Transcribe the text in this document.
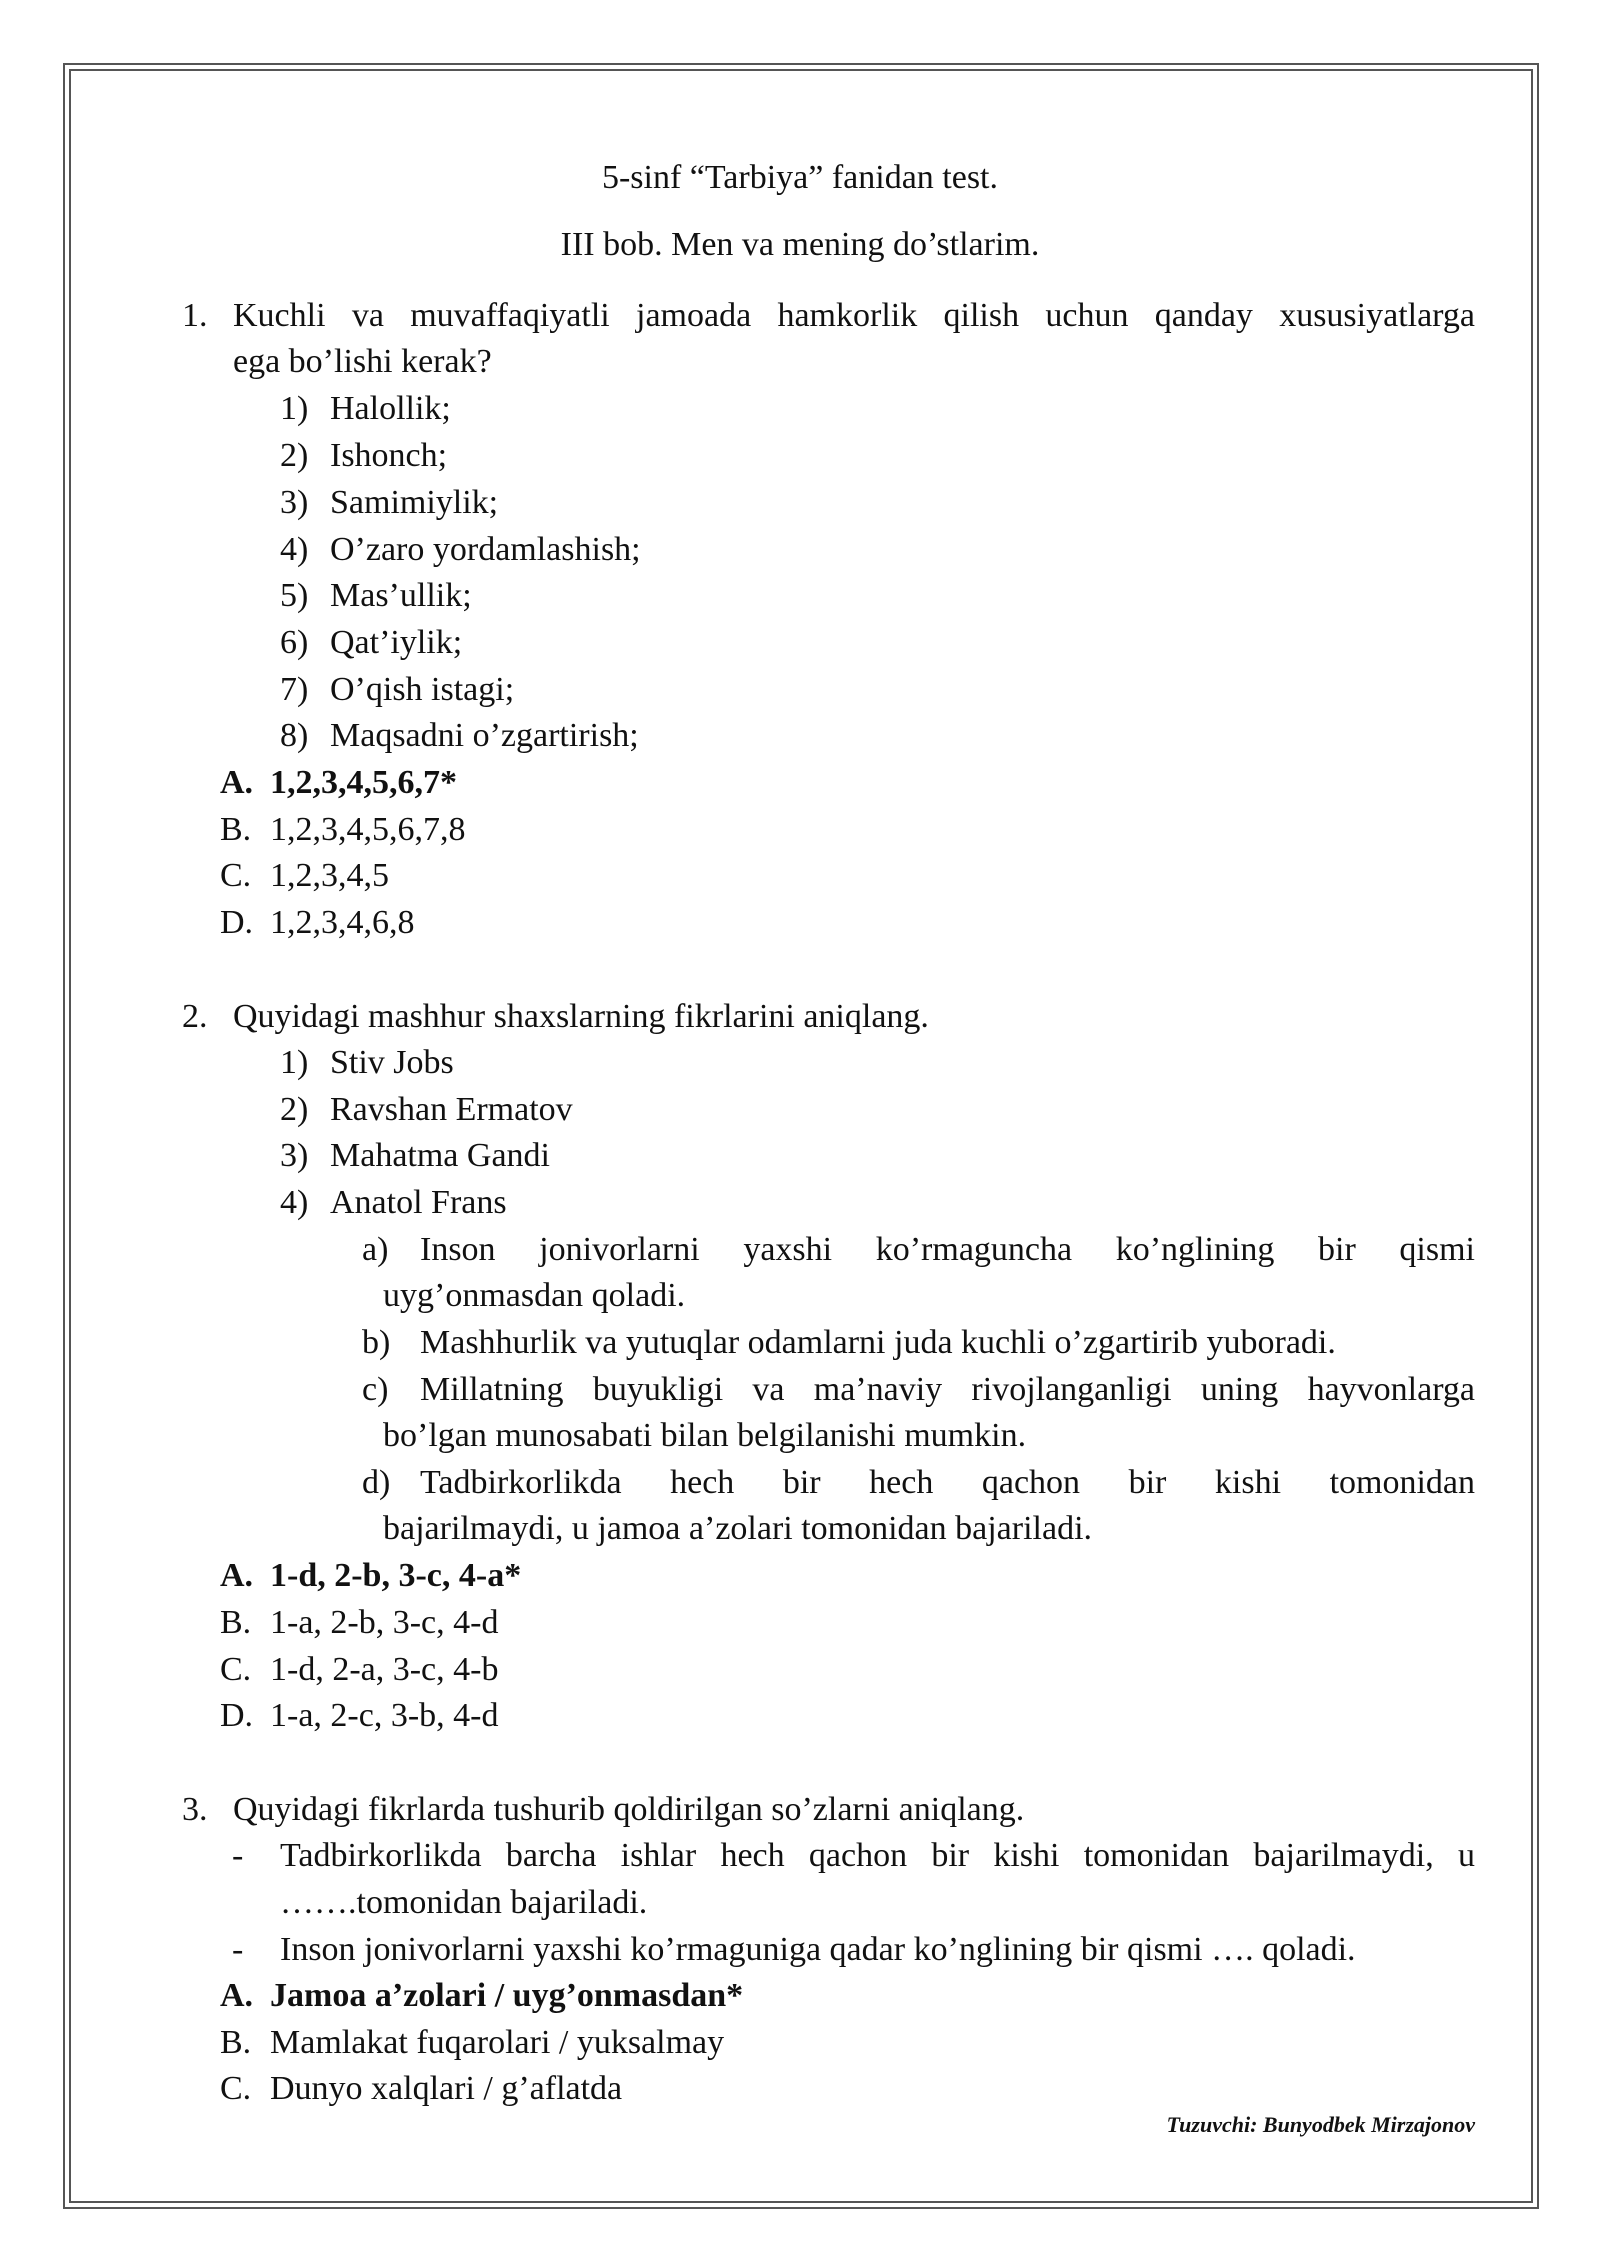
5-sinf “Tarbiya” fanidan test.
III bob. Men va mening do’stlarim.
1. Kuchli va muvaffaqiyatli jamoada hamkorlik qilish uchun qanday xususiyatlarga
ega bo’lishi kerak?
1) Halollik;
2) Ishonch;
3) Samimiylik;
4) O’zaro yordamlashish;
5) Mas’ullik;
6) Qat’iylik;
7) O’qish istagi;
8) Maqsadni o’zgartirish;
A. 1,2,3,4,5,6,7*
B. 1,2,3,4,5,6,7,8
C. 1,2,3,4,5
D. 1,2,3,4,6,8
2. Quyidagi mashhur shaxslarning fikrlarini aniqlang.
1) Stiv Jobs
2) Ravshan Ermatov
3) Mahatma Gandi
4) Anatol Frans
a) Inson jonivorlarni yaxshi ko’rmaguncha ko’nglining bir qismi
uyg’onmasdan qoladi.
b) Mashhurlik va yutuqlar odamlarni juda kuchli o’zgartirib yuboradi.
c) Millatning buyukligi va ma’naviy rivojlanganligi uning hayvonlarga
bo’lgan munosabati bilan belgilanishi mumkin.
d) Tadbirkorlikda hech bir hech qachon bir kishi tomonidan
bajarilmaydi, u jamoa a’zolari tomonidan bajariladi.
A. 1-d, 2-b, 3-c, 4-a*
B. 1-a, 2-b, 3-c, 4-d
C. 1-d, 2-a, 3-c, 4-b
D. 1-a, 2-c, 3-b, 4-d
3. Quyidagi fikrlarda tushurib qoldirilgan so’zlarni aniqlang.
- Tadbirkorlikda barcha ishlar hech qachon bir kishi tomonidan bajarilmaydi, u
…….tomonidan bajariladi.
- Inson jonivorlarni yaxshi ko’rmaguniga qadar ko’nglining bir qismi …. qoladi.
A. Jamoa a’zolari / uyg’onmasdan*
B. Mamlakat fuqarolari / yuksalmay
C. Dunyo xalqlari / g’aflatda
Tuzuvchi: Bunyodbek Mirzajonov
